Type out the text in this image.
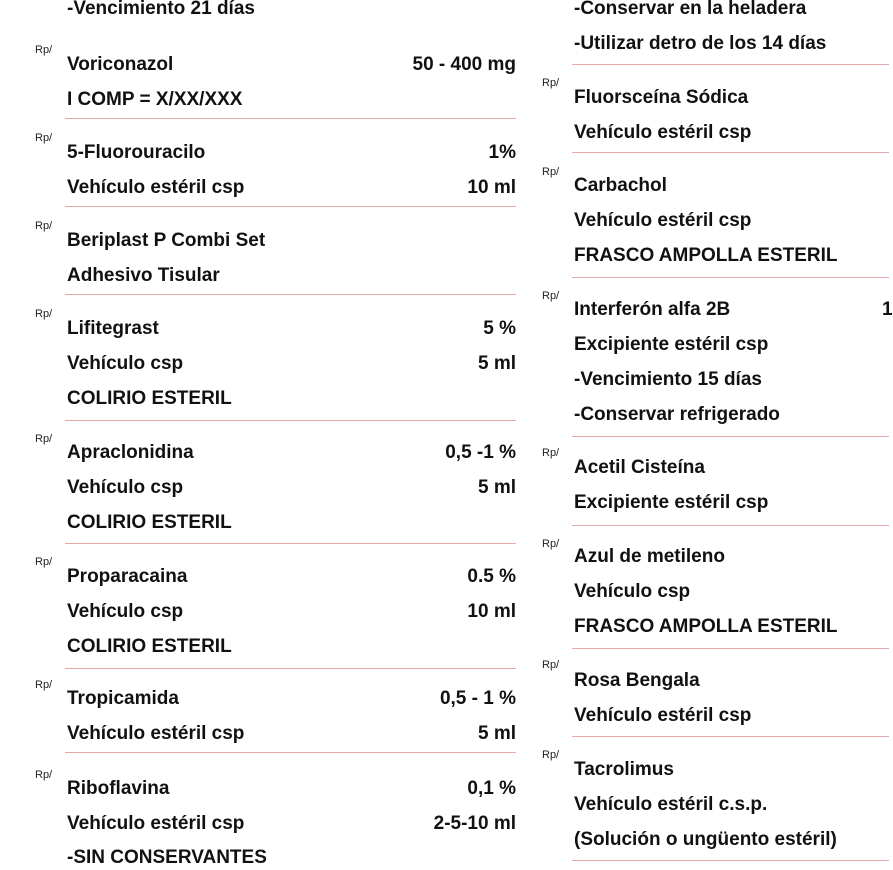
-Vencimiento 21 días
Rp/
Voriconazol	50 - 400 mg
I COMP = X/XX/XXX
Rp/
5-Fluorouracilo	1%
Vehículo estéril csp	10 ml
Rp/
Beriplast P Combi Set
Adhesivo Tisular
Rp/
Lifitegrast	5 %
Vehículo csp	5 ml
COLIRIO ESTERIL
Rp/
Apraclonidina	0,5 -1 %
Vehículo csp	5 ml
COLIRIO ESTERIL
Rp/
Proparacaina	0.5 %
Vehículo csp	10 ml
COLIRIO ESTERIL
Rp/
Tropicamida	0,5 - 1 %
Vehículo estéril csp	5 ml
Rp/
Riboflavina	0,1 %
Vehículo estéril csp	2-5-10 ml
-SIN CONSERVANTES
-Conservar en la heladera
-Utilizar detro de los 14 días
Rp/
Fluorsceína Sódica
Vehículo estéril csp
Rp/
Carbachol
Vehículo estéril csp
FRASCO AMPOLLA ESTERIL
Rp/
Interferón alfa 2B	1
Excipiente estéril csp
-Vencimiento 15 días
-Conservar refrigerado
Rp/
Acetil Cisteína
Excipiente estéril csp
Rp/
Azul de metileno
Vehículo csp
FRASCO AMPOLLA ESTERIL
Rp/
Rosa Bengala
Vehículo estéril csp
Rp/
Tacrolimus
Vehículo estéril c.s.p.
(Solución o ungüento estéril)
